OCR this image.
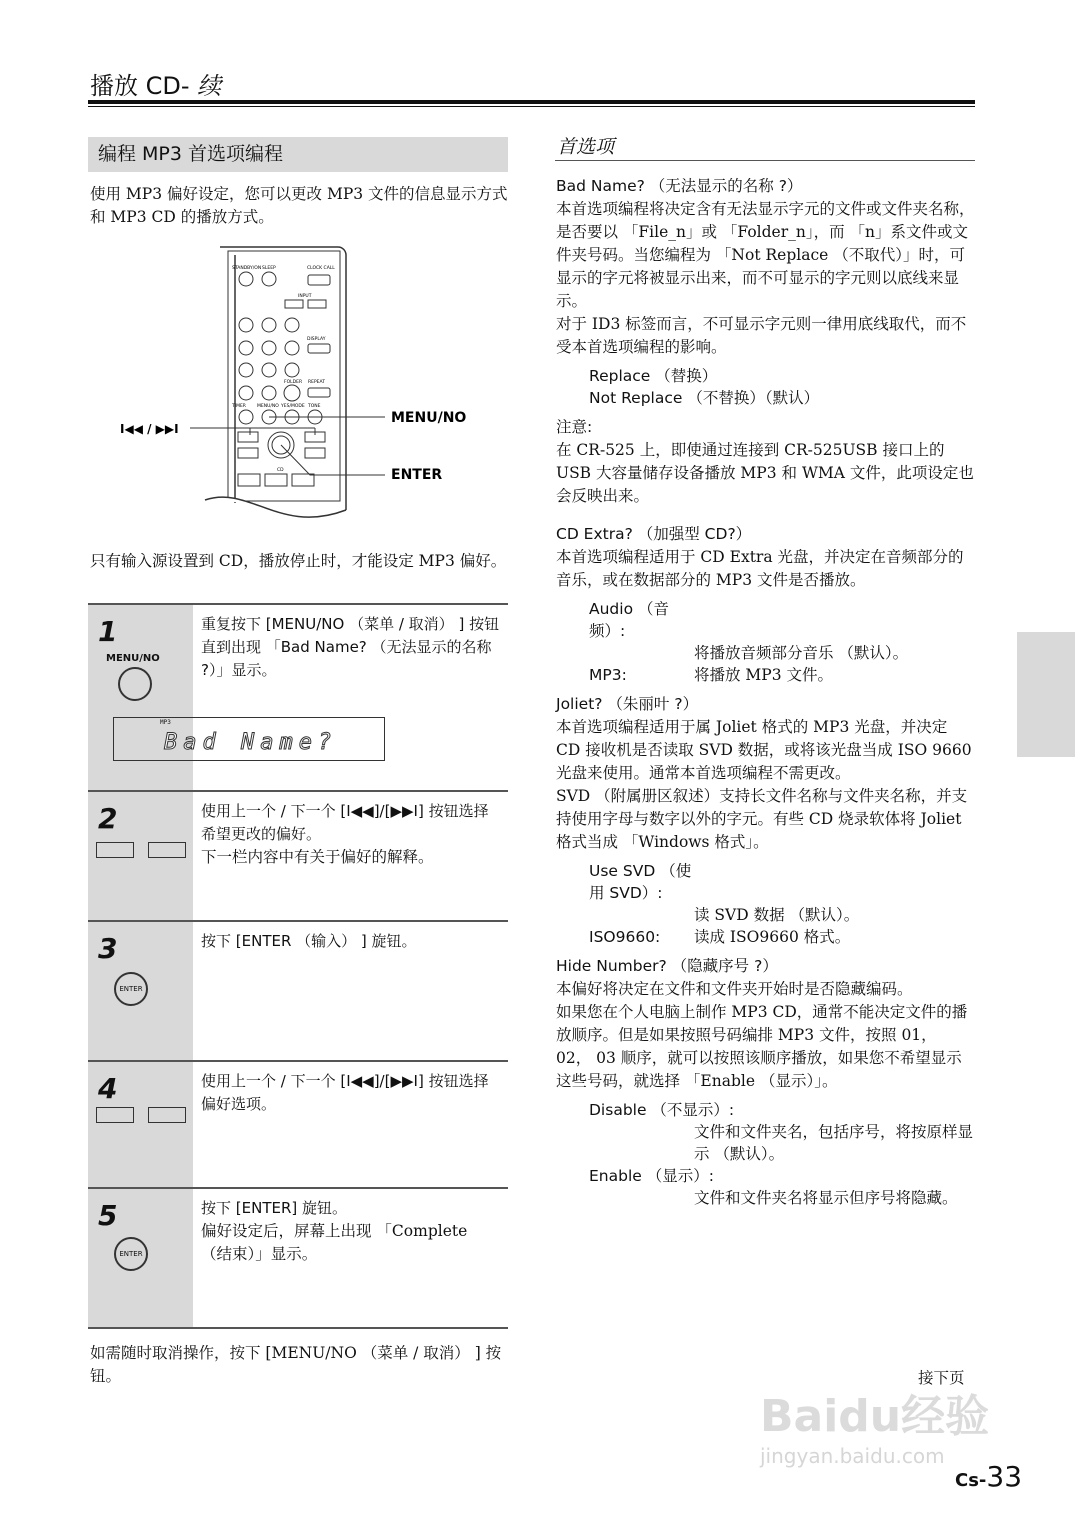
播放 CD- 续
编程 MP3 首选项编程
使用 MP3 偏好设定，您可以更改 MP3 文件的信息显示方式和 MP3 CD 的播放方式。
STANDBY/ON SLEEP	CLOCK CALL
INPUT
DISPLAY
FOLDER REPEAT
TIMER MENU/NO YES/MODE TONE
CD
I◀◀ / ▶▶I
MENU/NO
ENTER
只有输入源设置到 CD，播放停止时，才能设定 MP3 偏好。
1
MENU/NO
重复按下 [MENU/NO （菜单 / 取消） ] 按钮直到出现 「Bad Name? （无法显示的名称 ?）」显示。
MP3
Bad Name?
2	使用上一个 / 下一个 [I◀◀]/[▶▶I] 按钮选择希望更改的偏好。
下一栏内容中有关于偏好的解释。
3
ENTER
按下 [ENTER （输入） ] 旋钮。
4	使用上一个 / 下一个 [I◀◀]/[▶▶I] 按钮选择偏好选项。
5
ENTER
按下 [ENTER] 旋钮。
偏好设定后，屏幕上出现 「Complete （结束）」显示。
如需随时取消操作，按下 [MENU/NO （菜单 / 取消） ] 按钮。
首选项
Bad Name? （无法显示的名称 ?）
本首选项编程将决定含有无法显示字元的文件或文件夹名称，是否要以 「File_n」或 「Folder_n」，而 「n」系文件或文件夹号码。当您编程为 「Not Replace （不取代）」时，可显示的字元将被显示出来，而不可显示的字元则以底线来显示。
对于 ID3 标签而言，不可显示字元则一律用底线取代，而不受本首选项编程的影响。
Replace （替换）
Not Replace （不替换）（默认）
注意:
在 CR-525 上，即使通过连接到 CR-525USB 接口上的 USB 大容量储存设备播放 MP3 和 WMA 文件，此项设定也会反映出来。
CD Extra? （加强型 CD?）
本首选项编程适用于 CD Extra 光盘，并决定在音频部分的音乐，或在数据部分的 MP3 文件是否播放。
Audio （音频）:
将播放音频部分音乐 （默认）。
MP3:	将播放 MP3 文件。
Joliet? （朱丽叶 ?）
本首选项编程适用于属 Joliet 格式的 MP3 光盘，并决定 CD 接收机是否读取 SVD 数据，或将该光盘当成 ISO 9660 光盘来使用。通常本首选项编程不需更改。
SVD （附属册区叙述）支持长文件名称与文件夹名称，并支持使用字母与数字以外的字元。有些 CD 烧录软体将 Joliet 格式当成 「Windows 格式」。
Use SVD （使用 SVD）:
读 SVD 数据 （默认）。
ISO9660:	读成 ISO9660 格式。
Hide Number? （隐藏序号 ?）
本偏好将决定在文件和文件夹开始时是否隐藏编码。
如果您在个人电脑上制作 MP3 CD，通常不能决定文件的播放顺序。但是如果按照号码编排 MP3 文件，按照 01， 02， 03 顺序，就可以按照该顺序播放，如果您不希望显示这些号码，就选择 「Enable （显示）」。
Disable （不显示）:
文件和文件夹名，包括序号，将按原样显示 （默认）。
Enable （显示）:
文件和文件夹名将显示但序号将隐藏。
接下页
Baidu经验
jingyan.baidu.com
Cs-33
